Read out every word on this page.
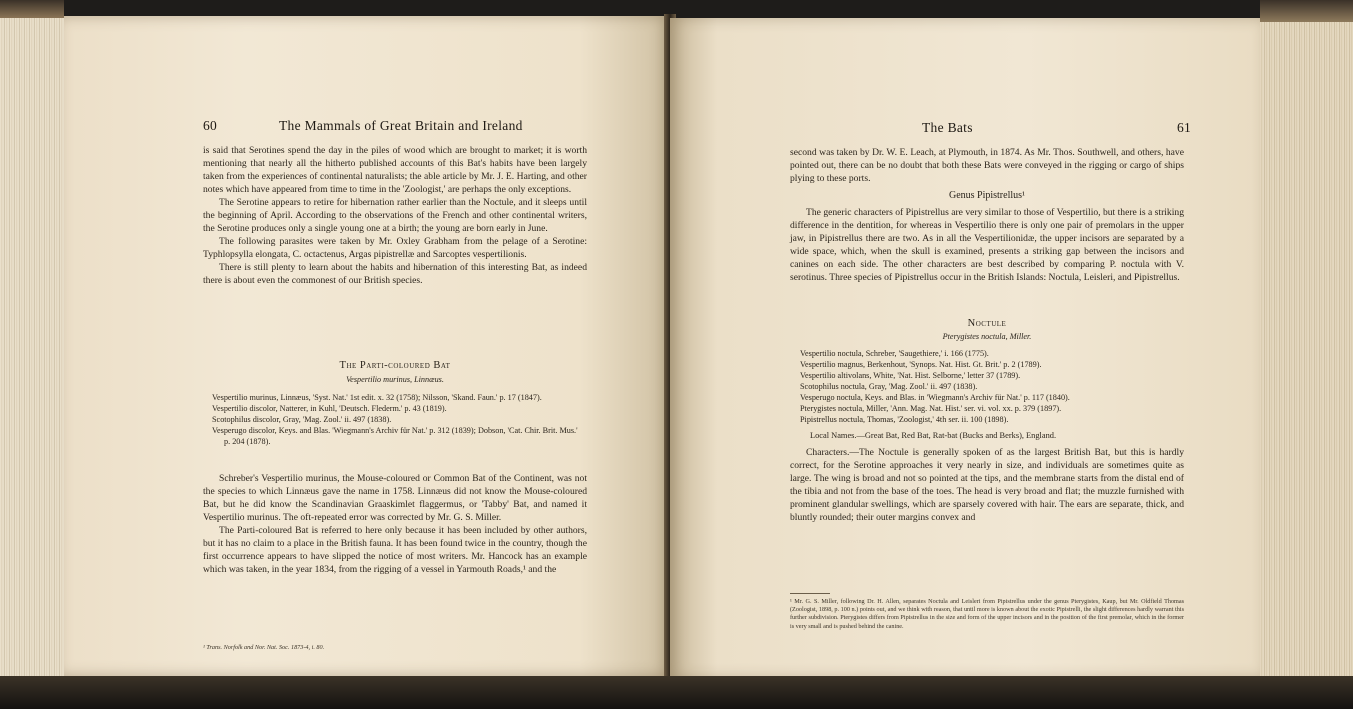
60	The Mammals of Great Britain and Ireland

is said that Serotines spend the day in the piles of wood which are brought to market; it is worth mentioning that nearly all the hitherto published accounts of this Bat's habits have been largely taken from the experiences of continental naturalists; the able article by Mr. J. E. Harting, and other notes which have appeared from time to time in the 'Zoologist,' are perhaps the only exceptions.

The Serotine appears to retire for hibernation rather earlier than the Noctule, and it sleeps until the beginning of April. According to the observations of the French and other continental writers, the Serotine produces only a single young one at a birth; the young are born early in June.

The following parasites were taken by Mr. Oxley Grabham from the pelage of a Serotine: Typhlopsylla elongata, C. octactenus, Argas pipistrellæ and Sarcoptes vespertilionis.

There is still plenty to learn about the habits and hibernation of this interesting Bat, as indeed there is about even the commonest of our British species.

The Parti-coloured Bat
Vespertilio murinus, Linnæus.
Vespertilio murinus, Linnæus, 'Syst. Nat.' 1st edit. x. 32 (1758); Nilsson, 'Skand. Faun.' p. 17 (1847).
Vespertilio discolor, Natterer, in Kuhl, 'Deutsch. Flederm.' p. 43 (1819).
Scotophilus discolor, Gray, 'Mag. Zool.' ii. 497 (1838).
Vesperugo discolor, Keys. and Blas. 'Wiegmann's Archiv für Nat.' p. 312 (1839); Dobson, 'Cat. Chir. Brit. Mus.' p. 204 (1878).

Schreber's Vespertilio murinus, the Mouse-coloured or Common Bat of the Continent, was not the species to which Linnæus gave the name in 1758. Linnæus did not know the Mouse-coloured Bat, but he did know the Scandinavian Graaskimlet flaggermus, or 'Tabby' Bat, and named it Vespertilio murinus. The oft-repeated error was corrected by Mr. G. S. Miller.

The Parti-coloured Bat is referred to here only because it has been included by other authors, but it has no claim to a place in the British fauna. It has been found twice in the country, though the first occurrence appears to have slipped the notice of most writers. Mr. Hancock has an example which was taken, in the year 1834, from the rigging of a vessel in Yarmouth Roads,¹ and the

¹ Trans. Norfolk and Nor. Nat. Soc. 1873-4, i. 80.
The Bats	61

second was taken by Dr. W. E. Leach, at Plymouth, in 1874. As Mr. Thos. Southwell, and others, have pointed out, there can be no doubt that both these Bats were conveyed in the rigging or cargo of ships plying to these ports.

Genus Pipistrellus¹

The generic characters of Pipistrellus are very similar to those of Vespertilio, but there is a striking difference in the dentition, for whereas in Vespertilio there is only one pair of premolars in the upper jaw, in Pipistrellus there are two. As in all the Vespertilionidæ, the upper incisors are separated by a wide space, which, when the skull is examined, presents a striking gap between the incisors and canines on each side. The other characters are best described by comparing P. noctula with V. serotinus. Three species of Pipistrellus occur in the British Islands: Noctula, Leisleri, and Pipistrellus.

Noctule
Pterygistes noctula, Miller.
Vespertilio noctula, Schreber, 'Saugethiere,' i. 166 (1775).
Vespertilio magnus, Berkenhout, 'Synops. Nat. Hist. Gt. Brit.' p. 2 (1789).
Vespertilio altivolans, White, 'Nat. Hist. Selborne,' letter 37 (1789).
Scotophilus noctula, Gray, 'Mag. Zool.' ii. 497 (1838).
Vesperugo noctula, Keys. and Blas. in 'Wiegmann's Archiv für Nat.' p. 117 (1840).
Pterygistes noctula, Miller, 'Ann. Mag. Nat. Hist.' ser. vi. vol. xx. p. 379 (1897).
Pipistrellus noctula, Thomas, 'Zoologist,' 4th ser. ii. 100 (1898).
Local Names.—Great Bat, Red Bat, Rat-bat (Bucks and Berks), England.

Characters.—The Noctule is generally spoken of as the largest British Bat, but this is hardly correct, for the Serotine approaches it very nearly in size, and individuals are sometimes quite as large. The wing is broad and not so pointed at the tips, and the membrane starts from the distal end of the tibia and not from the base of the toes. The head is very broad and flat; the muzzle furnished with prominent glandular swellings, which are sparsely covered with hair. The ears are separate, thick, and bluntly rounded; their outer margins convex and

¹ Mr. G. S. Miller, following Dr. H. Allen, separates Noctula and Leisleri from Pipistrellus under the genus Pterygistes, Kaup, but Mr. Oldfield Thomas (Zoologist, 1898, p. 100 n.) points out, and we think with reason, that until more is known about the exotic Pipistrelli, the slight differences hardly warrant this further subdivision. Pterygistes differs from Pipistrellus in the size and form of the upper incisors and in the position of the first premolar, which in the former is very small and is pushed behind the canine.
